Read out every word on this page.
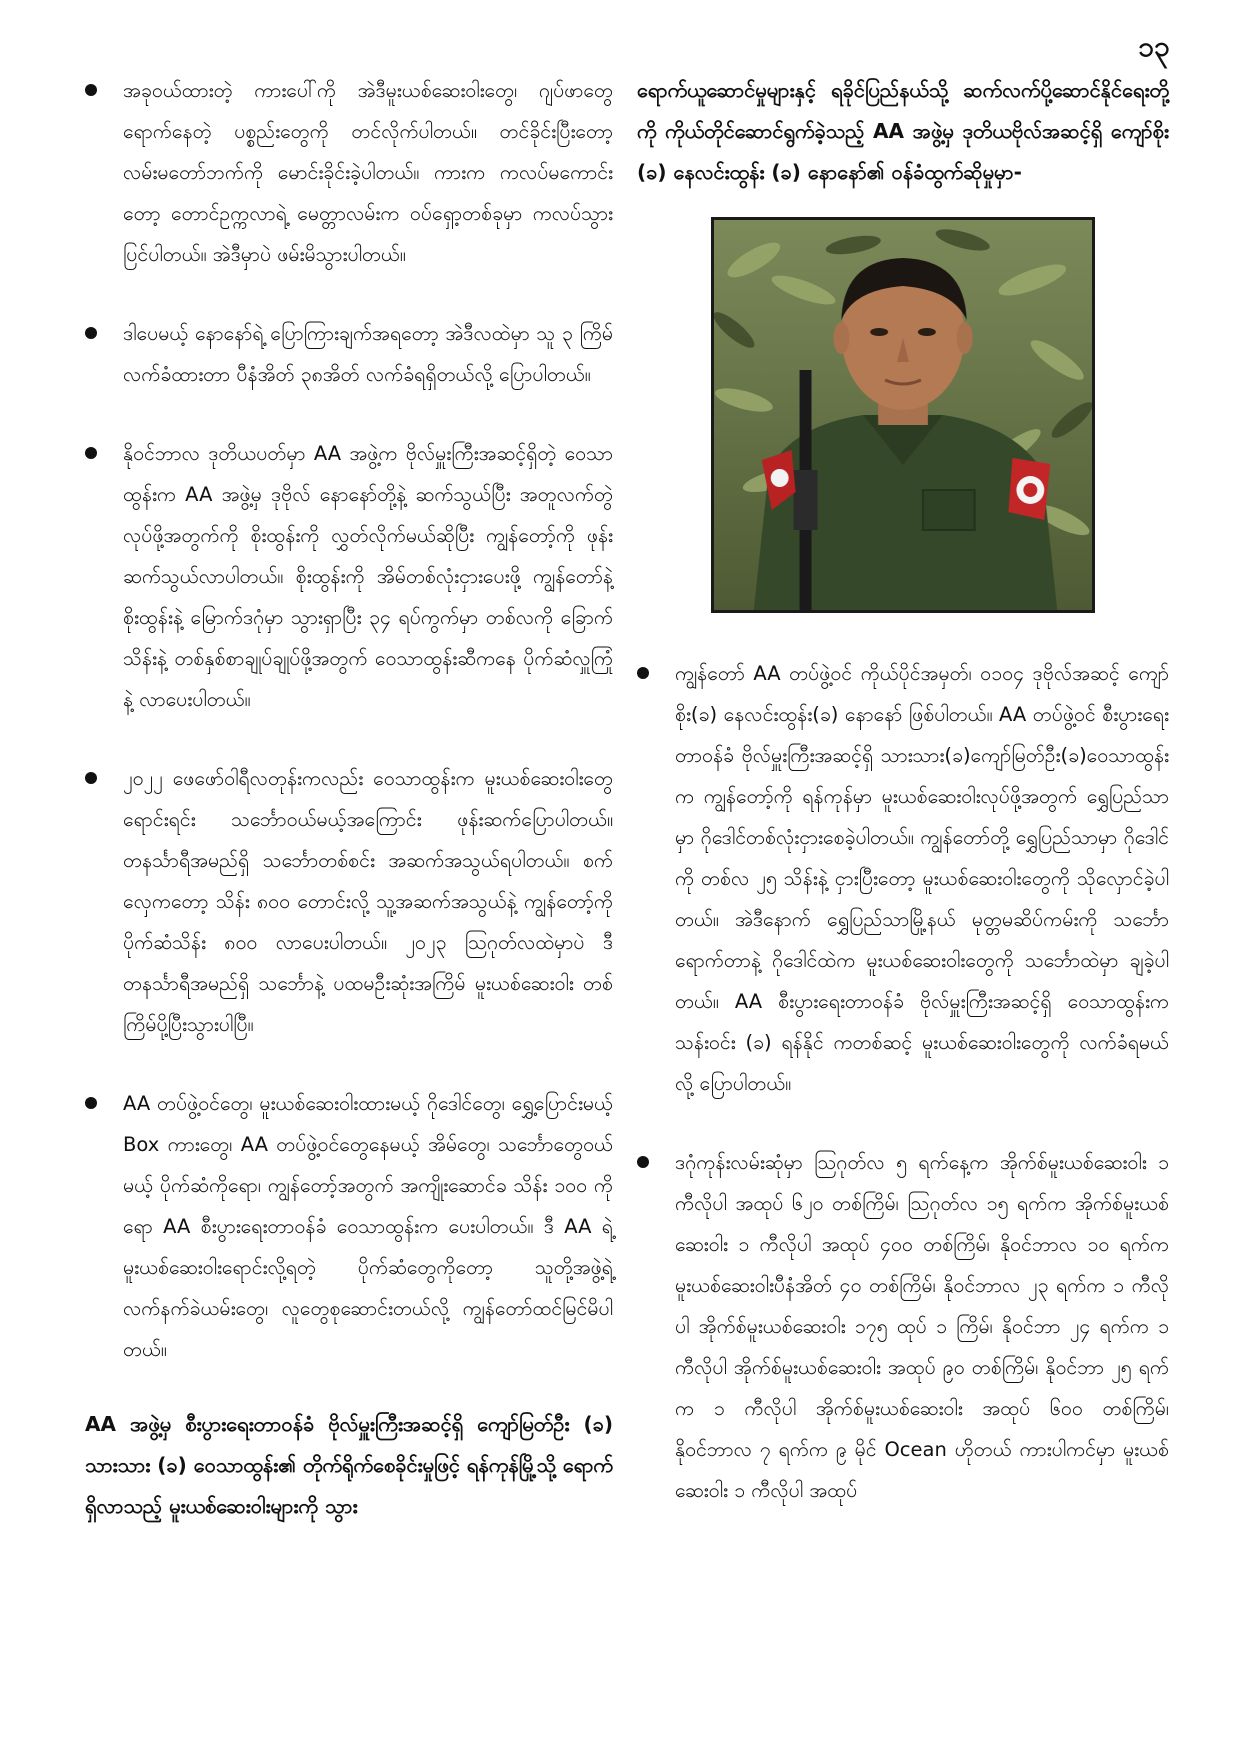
၁၃
အခုဝယ်ထားတဲ့ ကားပေါ်ကို အဲဒီမူးယစ်ဆေးဝါးတွေ၊ ဂျပ်ဖာတွေ ရောက်နေတဲ့ ပစ္စည်းတွေကို တင်လိုက်ပါတယ်။ တင်ခိုင်းပြီးတော့ လမ်းမတော်ဘက်ကို မောင်းခိုင်းခဲ့ပါတယ်။ ကားက ကလပ်မကောင်းတော့ တောင်ဥက္ကလာရဲ့ မေတ္တာလမ်းက ဝပ်ရှော့တစ်ခုမှာ ကလပ်သွားပြင်ပါတယ်။ အဲဒီမှာပဲ ဖမ်းမိသွားပါတယ်။
ဒါပေမယ့် နောနော်ရဲ့ ပြောကြားချက်အရတော့ အဲဒီလထဲမှာ သူ ၃ ကြိမ် လက်ခံထားတာ ပီနံအိတ် ၃၈အိတ် လက်ခံရရှိတယ်လို့ ပြောပါတယ်။
နိုဝင်ဘာလ ဒုတိယပတ်မှာ AA အဖွဲ့က ဗိုလ်မှူးကြီးအဆင့်ရှိတဲ့ ဝေသာထွန်းက AA အဖွဲ့မှ ဒုဗိုလ် နောနော်တို့နဲ့ ဆက်သွယ်ပြီး အတူလက်တွဲလုပ်ဖို့အတွက်ကို စိုးထွန်းကို လွှတ်လိုက်မယ်ဆိုပြီး ကျွန်တော့်ကို ဖုန်းဆက်သွယ်လာပါတယ်။ စိုးထွန်းကို အိမ်တစ်လုံးငှားပေးဖို့ ကျွန်တော်နဲ့ စိုးထွန်းနဲ့ မြောက်ဒဂုံမှာ သွားရှာပြီး ၃၄ ရပ်ကွက်မှာ တစ်လကို ခြောက်သိန်းနဲ့ တစ်နှစ်စာချုပ်ချုပ်ဖို့အတွက် ဝေသာထွန်းဆီကနေ ပိုက်ဆံလှူကြုံနဲ့ လာပေးပါတယ်။
၂၀၂၂ ဖေဖော်ဝါရီလတုန်းကလည်း ဝေသာထွန်းက မူးယစ်ဆေးဝါးတွေ ရောင်းရင်း သင်္ဘောဝယ်မယ့်အကြောင်း ဖုန်းဆက်ပြောပါတယ်။ တနင်္သာရီအမည်ရှိ သင်္ဘောတစ်စင်း အဆက်အသွယ်ရပါတယ်။ စက်လှေကတော့ သိန်း ၈၀၀ တောင်းလို့ သူ့အဆက်အသွယ်နဲ့ ကျွန်တော့်ကို ပိုက်ဆံသိန်း ၈၀၀ လာပေးပါတယ်။ ၂၀၂၃ ဩဂုတ်လထဲမှာပဲ ဒီတနင်္သာရီအမည်ရှိ သင်္ဘောနဲ့ ပထမဦးဆုံးအကြိမ် မူးယစ်ဆေးဝါး တစ်ကြိမ်ပို့ပြီးသွားပါပြီ။
AA တပ်ဖွဲ့ဝင်တွေ၊ မူးယစ်ဆေးဝါးထားမယ့် ဂိုဒေါင်တွေ၊ ရွှေ့ပြောင်းမယ့် Box ကားတွေ၊ AA တပ်ဖွဲ့ဝင်တွေနေမယ့် အိမ်တွေ၊ သင်္ဘောတွေဝယ်မယ့် ပိုက်ဆံကိုရော၊ ကျွန်တော့်အတွက် အကျိုးဆောင်ခ သိန်း ၁၀၀ ကိုရော AA စီးပွားရေးတာဝန်ခံ ဝေသာထွန်းက ပေးပါတယ်။ ဒီ AA ရဲ့ မူးယစ်ဆေးဝါးရောင်းလို့ရတဲ့ ပိုက်ဆံတွေကိုတော့ သူတို့အဖွဲ့ရဲ့ လက်နက်ခဲယမ်းတွေ၊ လူတွေစုဆောင်းတယ်လို့ ကျွန်တော်ထင်မြင်မိပါတယ်။

AA အဖွဲ့မှ စီးပွားရေးတာဝန်ခံ ဗိုလ်မှူးကြီးအဆင့်ရှိ ကျော်မြတ်ဦး (ခ) သားသား (ခ) ဝေသာထွန်း၏ တိုက်ရိုက်စေခိုင်းမှုဖြင့် ရန်ကုန်မြို့သို့ ရောက်ရှိလာသည့် မူးယစ်ဆေးဝါးများကို သွား

ရောက်ယူဆောင်မှုများနှင့် ရခိုင်ပြည်နယ်သို့ ဆက်လက်ပို့ဆောင်နိုင်ရေးတို့ကို ကိုယ်တိုင်ဆောင်ရွက်ခဲ့သည့် AA အဖွဲ့မှ ဒုတိယဗိုလ်အဆင့်ရှိ ကျော်စိုး (ခ) နေလင်းထွန်း (ခ) နောနော်၏ ဝန်ခံထွက်ဆိုမှုမှာ-

ကျွန်တော် AA တပ်ဖွဲ့ဝင် ကိုယ်ပိုင်အမှတ်၊ ၀၁၀၄ ဒုဗိုလ်အဆင့် ကျော်စိုး(ခ) နေလင်းထွန်း(ခ) နောနော် ဖြစ်ပါတယ်။ AA တပ်ဖွဲ့ဝင် စီးပွားရေးတာဝန်ခံ ဗိုလ်မှူးကြီးအဆင့်ရှိ သားသား(ခ)ကျော်မြတ်ဦး(ခ)ဝေသာထွန်းက ကျွန်တော့်ကို ရန်ကုန်မှာ မူးယစ်ဆေးဝါးလုပ်ဖို့အတွက် ရွှေပြည်သာမှာ ဂိုဒေါင်တစ်လုံးငှားစေခဲ့ပါတယ်။ ကျွန်တော်တို့ ရွှေပြည်သာမှာ ဂိုဒေါင်ကို တစ်လ ၂၅ သိန်းနဲ့ ငှားပြီးတော့ မူးယစ်ဆေးဝါးတွေကို သိုလှောင်ခဲ့ပါတယ်။ အဲဒီနောက် ရွှေပြည်သာမြို့နယ် မုတ္တမဆိပ်ကမ်းကို သင်္ဘောရောက်တာနဲ့ ဂိုဒေါင်ထဲက မူးယစ်ဆေးဝါးတွေကို သင်္ဘောထဲမှာ ချခဲ့ပါတယ်။ AA စီးပွားရေးတာဝန်ခံ ဗိုလ်မှူးကြီးအဆင့်ရှိ ဝေသာထွန်းက သန်းဝင်း (ခ) ရန်နိုင် ကတစ်ဆင့် မူးယစ်ဆေးဝါးတွေကို လက်ခံရမယ်လို့ ပြောပါတယ်။
ဒဂုံကုန်းလမ်းဆုံမှာ ဩဂုတ်လ ၅ ရက်နေ့က အိုက်စ်မူးယစ်ဆေးဝါး ၁ ကီလိုပါ အထုပ် ၆၂၀ တစ်ကြိမ်၊ ဩဂုတ်လ ၁၅ ရက်က အိုက်စ်မူးယစ်ဆေးဝါး ၁ ကီလိုပါ အထုပ် ၄၀၀ တစ်ကြိမ်၊ နိုဝင်ဘာလ ၁၀ ရက်က မူးယစ်ဆေးဝါးပီနံအိတ် ၄၀ တစ်ကြိမ်၊ နိုဝင်ဘာလ ၂၃ ရက်က ၁ ကီလိုပါ အိုက်စ်မူးယစ်ဆေးဝါး ၁၇၅ ထုပ် ၁ ကြိမ်၊ နိုဝင်ဘာ ၂၄ ရက်က ၁ ကီလိုပါ အိုက်စ်မူးယစ်ဆေးဝါး အထုပ် ၉၀ တစ်ကြိမ်၊ နိုဝင်ဘာ ၂၅ ရက်က ၁ ကီလိုပါ အိုက်စ်မူးယစ်ဆေးဝါး အထုပ် ၆၀၀ တစ်ကြိမ်၊ နိုဝင်ဘာလ ၇ ရက်က ၉ မိုင် Ocean ဟိုတယ် ကားပါကင်မှာ မူးယစ်ဆေးဝါး ၁ ကီလိုပါ အထုပ်
